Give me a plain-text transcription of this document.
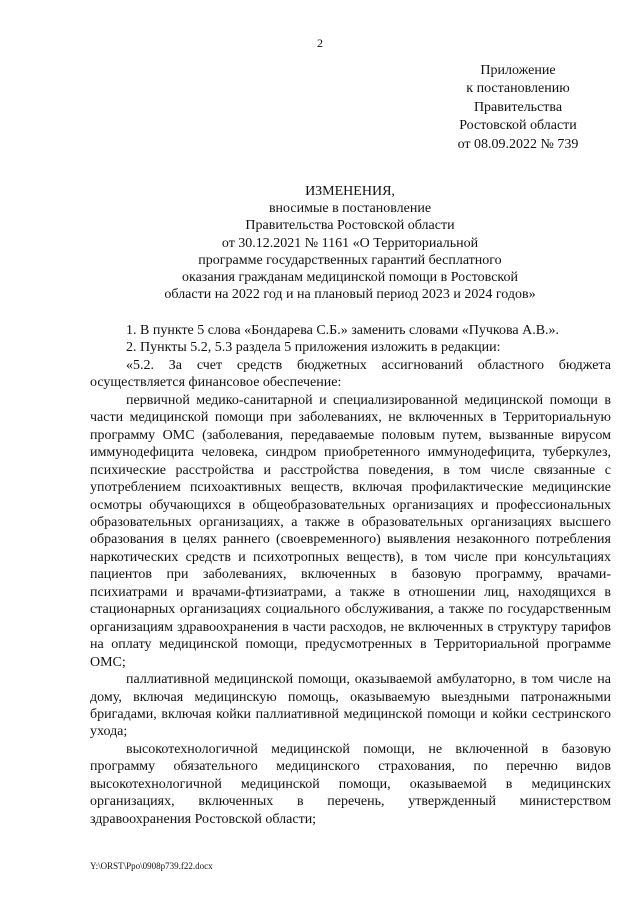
2
Приложение
к постановлению
Правительства
Ростовской области
от 08.09.2022 № 739
ИЗМЕНЕНИЯ,
вносимые в постановление
Правительства Ростовской области
от 30.12.2021 № 1161 «О Территориальной
программе государственных гарантий бесплатного
оказания гражданам медицинской помощи в Ростовской
области на 2022 год и на плановый период 2023 и 2024 годов»

1. В пункте 5 слова «Бондарева С.Б.» заменить словами «Пучкова А.В.».

2. Пункты 5.2, 5.3 раздела 5 приложения изложить в редакции:

«5.2. За счет средств бюджетных ассигнований областного бюджета осуществляется финансовое обеспечение:

первичной медико-санитарной и специализированной медицинской помощи в части медицинской помощи при заболеваниях, не включенных в Территориальную программу ОМС (заболевания, передаваемые половым путем, вызванные вирусом иммунодефицита человека, синдром приобретенного иммунодефицита, туберкулез, психические расстройства и расстройства поведения, в том числе связанные с употреблением психоактивных веществ, включая профилактические медицинские осмотры обучающихся в общеобразовательных организациях и профессиональных образовательных организациях, а также в образовательных организациях высшего образования в целях раннего (своевременного) выявления незаконного потребления наркотических средств и психотропных веществ), в том числе при консультациях пациентов при заболеваниях, включенных в базовую программу, врачами-психиатрами и врачами-фтизиатрами, а также в отношении лиц, находящихся в стационарных организациях социального обслуживания, а также по государственным организациям здравоохранения в части расходов, не включенных в структуру тарифов на оплату медицинской помощи, предусмотренных в Территориальной программе ОМС;

паллиативной медицинской помощи, оказываемой амбулаторно, в том числе на дому, включая медицинскую помощь, оказываемую выездными патронажными бригадами, включая койки паллиативной медицинской помощи и койки сестринского ухода;

высокотехнологичной медицинской помощи, не включенной в базовую программу обязательного медицинского страхования, по перечню видов высокотехнологичной медицинской помощи, оказываемой в медицинских организациях, включенных в перечень, утвержденный министерством здравоохранения Ростовской области;

Y:\ORST\Ppo\0908p739.f22.docx
